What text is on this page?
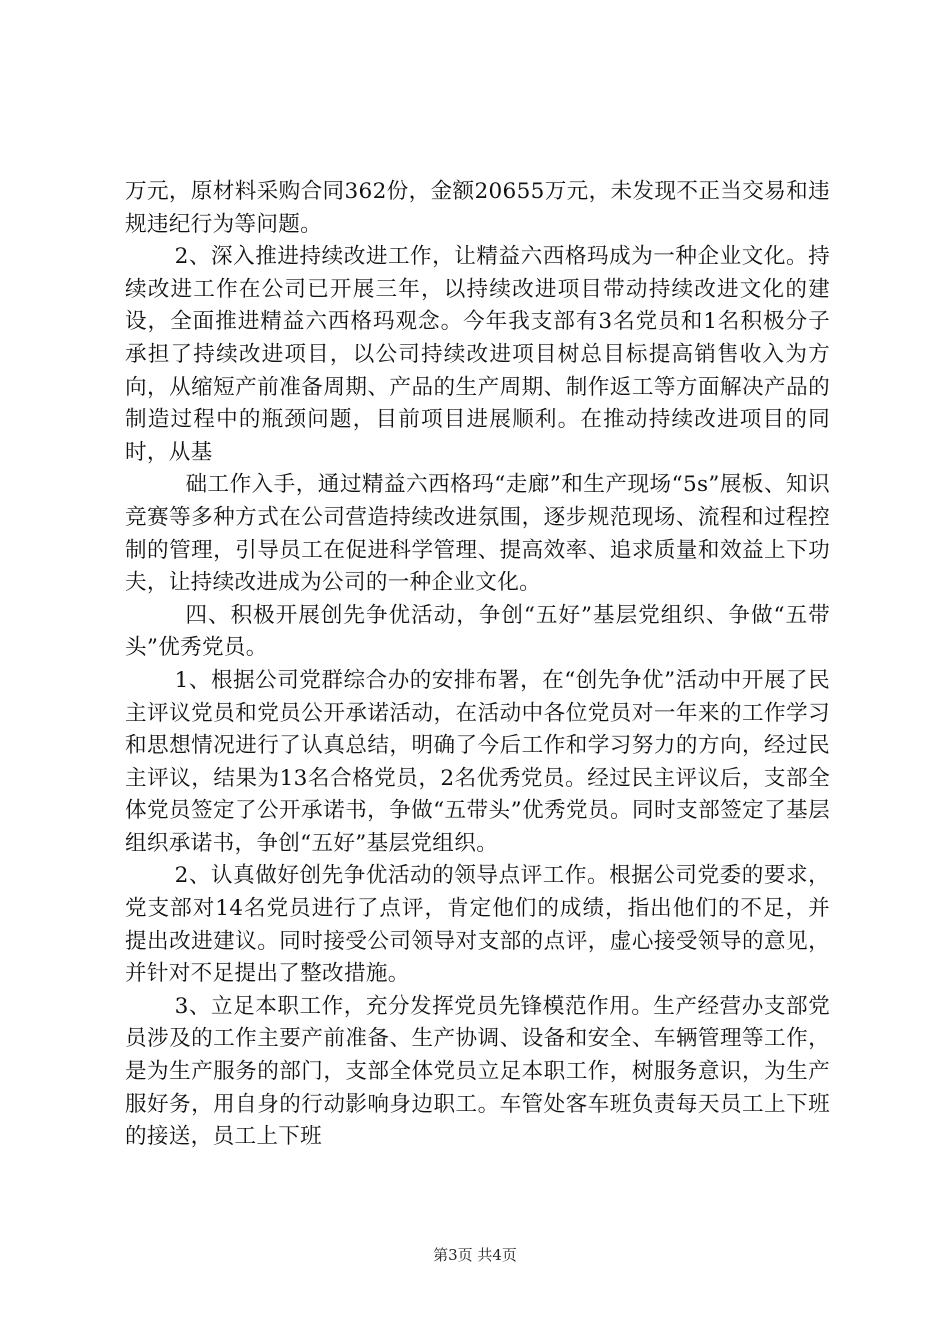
万元，原材料采购合同362份，金额20655万元，未发现不正当交易和违规违纪行为等问题。

2、深入推进持续改进工作，让精益六西格玛成为一种企业文化。持续改进工作在公司已开展三年，以持续改进项目带动持续改进文化的建设，全面推进精益六西格玛观念。今年我支部有3名党员和1名积极分子承担了持续改进项目，以公司持续改进项目树总目标提高销售收入为方向，从缩短产前准备周期、产品的生产周期、制作返工等方面解决产品的制造过程中的瓶颈问题，目前项目进展顺利。在推动持续改进项目的同时，从基

础工作入手，通过精益六西格玛“走廊”和生产现场“5s”展板、知识竞赛等多种方式在公司营造持续改进氛围，逐步规范现场、流程和过程控制的管理，引导员工在促进科学管理、提高效率、追求质量和效益上下功夫，让持续改进成为公司的一种企业文化。

四、积极开展创先争优活动，争创“五好”基层党组织、争做“五带头”优秀党员。

1、根据公司党群综合办的安排布署，在“创先争优”活动中开展了民主评议党员和党员公开承诺活动，在活动中各位党员对一年来的工作学习和思想情况进行了认真总结，明确了今后工作和学习努力的方向，经过民主评议，结果为13名合格党员，2名优秀党员。经过民主评议后，支部全体党员签定了公开承诺书，争做“五带头”优秀党员。同时支部签定了基层组织承诺书，争创“五好”基层党组织。

2、认真做好创先争优活动的领导点评工作。根据公司党委的要求，党支部对14名党员进行了点评，肯定他们的成绩，指出他们的不足，并提出改进建议。同时接受公司领导对支部的点评，虚心接受领导的意见，并针对不足提出了整改措施。

3、立足本职工作，充分发挥党员先锋模范作用。生产经营办支部党员涉及的工作主要产前准备、生产协调、设备和安全、车辆管理等工作，是为生产服务的部门，支部全体党员立足本职工作，树服务意识，为生产服好务，用自身的行动影响身边职工。车管处客车班负责每天员工上下班的接送，员工上下班

第3页 共4页
